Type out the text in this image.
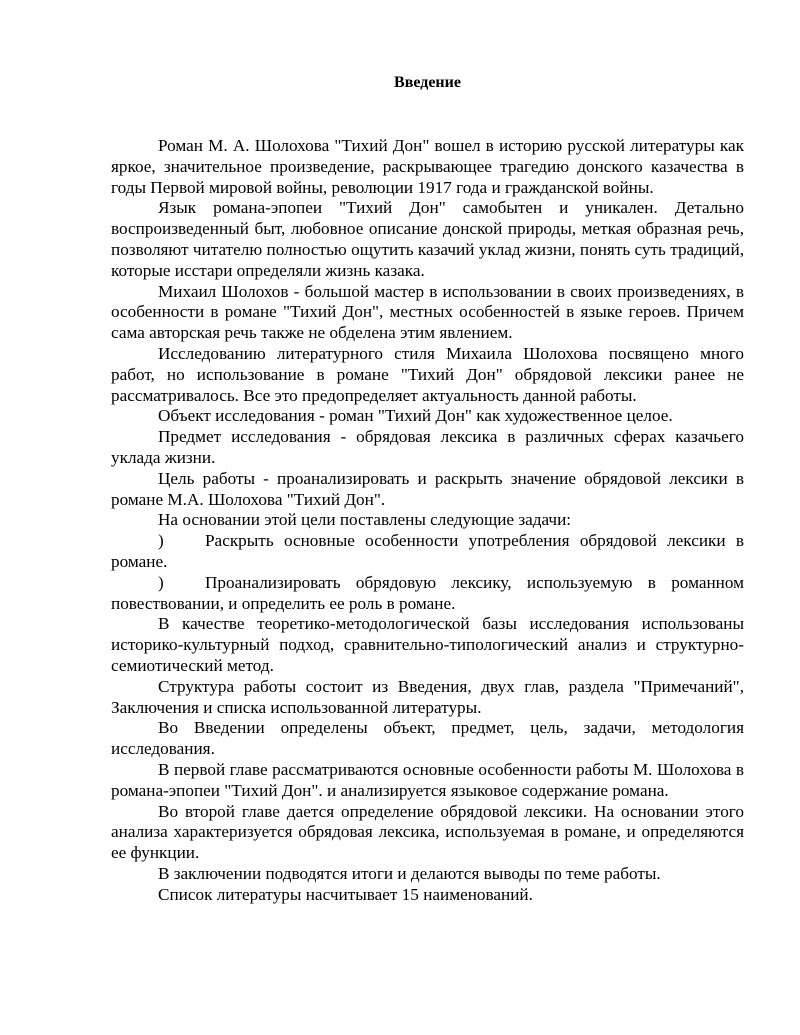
Введение

Роман М. А. Шолохова "Тихий Дон" вошел в историю русской литературы как яркое, значительное произведение, раскрывающее трагедию донского казачества в годы Первой мировой войны, революции 1917 года и гражданской войны.

Язык романа-эпопеи "Тихий Дон" самобытен и уникален. Детально воспроизведенный быт, любовное описание донской природы, меткая образная речь, позволяют читателю полностью ощутить казачий уклад жизни, понять суть традиций, которые исстари определяли жизнь казака.

Михаил Шолохов - большой мастер в использовании в своих произведениях, в особенности в романе "Тихий Дон", местных особенностей в языке героев. Причем сама авторская речь также не обделена этим явлением.

Исследованию литературного стиля Михаила Шолохова посвящено много работ, но использование в романе "Тихий Дон" обрядовой лексики ранее не рассматривалось. Все это предопределяет актуальность данной работы.

Объект исследования - роман "Тихий Дон" как художественное целое.

Предмет исследования - обрядовая лексика в различных сферах казачьего уклада жизни.

Цель работы - проанализировать и раскрыть значение обрядовой лексики в романе М.А. Шолохова "Тихий Дон".

На основании этой цели поставлены следующие задачи:

) Раскрыть основные особенности употребления обрядовой лексики в романе.

) Проанализировать обрядовую лексику, используемую в романном повествовании, и определить ее роль в романе.

В качестве теоретико-методологической базы исследования использованы историко-культурный подход, сравнительно-типологический анализ и структурно-семиотический метод.

Структура работы состоит из Введения, двух глав, раздела "Примечаний", Заключения и списка использованной литературы.

Во Введении определены объект, предмет, цель, задачи, методология исследования.

В первой главе рассматриваются основные особенности работы М. Шолохова в романа-эпопеи "Тихий Дон". и анализируется языковое содержание романа.

Во второй главе дается определение обрядовой лексики. На основании этого анализа характеризуется обрядовая лексика, используемая в романе, и определяются ее функции.

В заключении подводятся итоги и делаются выводы по теме работы.

Список литературы насчитывает 15 наименований.
